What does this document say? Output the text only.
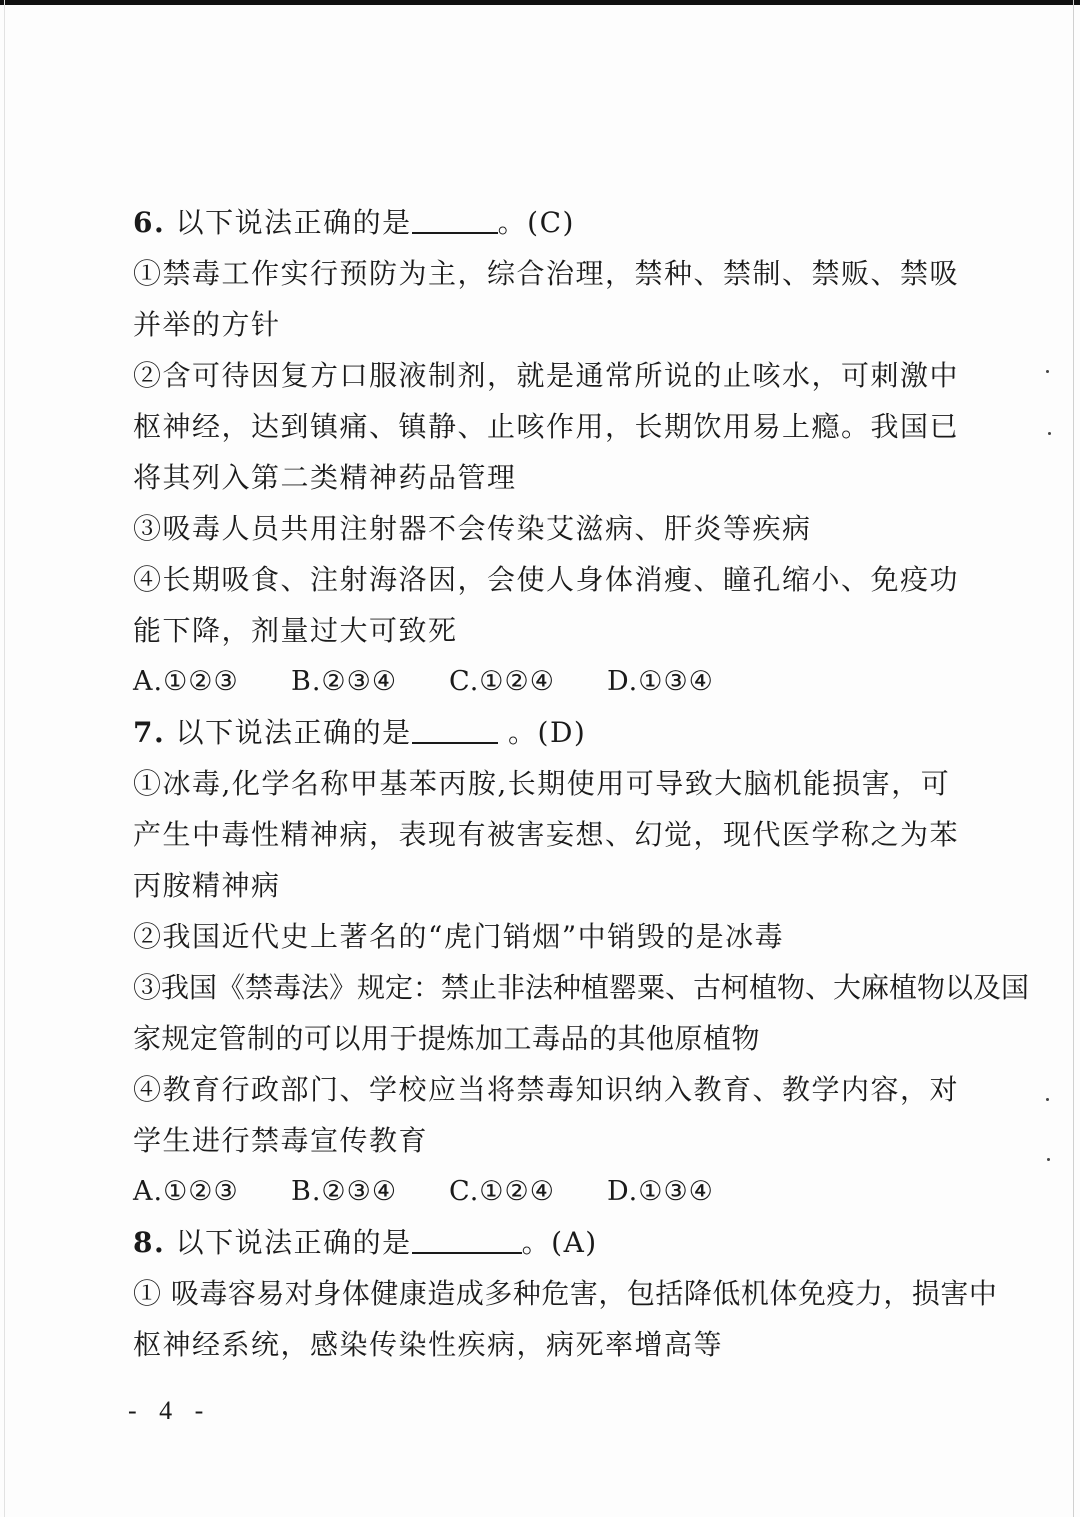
6. 以下说法正确的是	。(C)
①禁毒工作实行预防为主，综合治理，禁种、禁制、禁贩、禁吸
并举的方针
②含可待因复方口服液制剂，就是通常所说的止咳水，可刺激中
枢神经，达到镇痛、镇静、止咳作用，长期饮用易上瘾。我国已
将其列入第二类精神药品管理
③吸毒人员共用注射器不会传染艾滋病、肝炎等疾病
④长期吸食、注射海洛因，会使人身体消瘦、瞳孔缩小、免疫功
能下降，剂量过大可致死
A.①②③ B.②③④ C.①②④ D.①③④
7. 以下说法正确的是	。(D)
①冰毒,化学名称甲基苯丙胺,长期使用可导致大脑机能损害，可
产生中毒性精神病，表现有被害妄想、幻觉，现代医学称之为苯
丙胺精神病
②我国近代史上著名的“虎门销烟”中销毁的是冰毒
③我国《禁毒法》规定：禁止非法种植罂粟、古柯植物、大麻植物以及国
家规定管制的可以用于提炼加工毒品的其他原植物
④教育行政部门、学校应当将禁毒知识纳入教育、教学内容，对
学生进行禁毒宣传教育
A.①②③ B.②③④ C.①②④ D.①③④
8. 以下说法正确的是	。(A)
① 吸毒容易对身体健康造成多种危害，包括降低机体免疫力，损害中
枢神经系统，感染传染性疾病，病死率增高等
- 4 -
